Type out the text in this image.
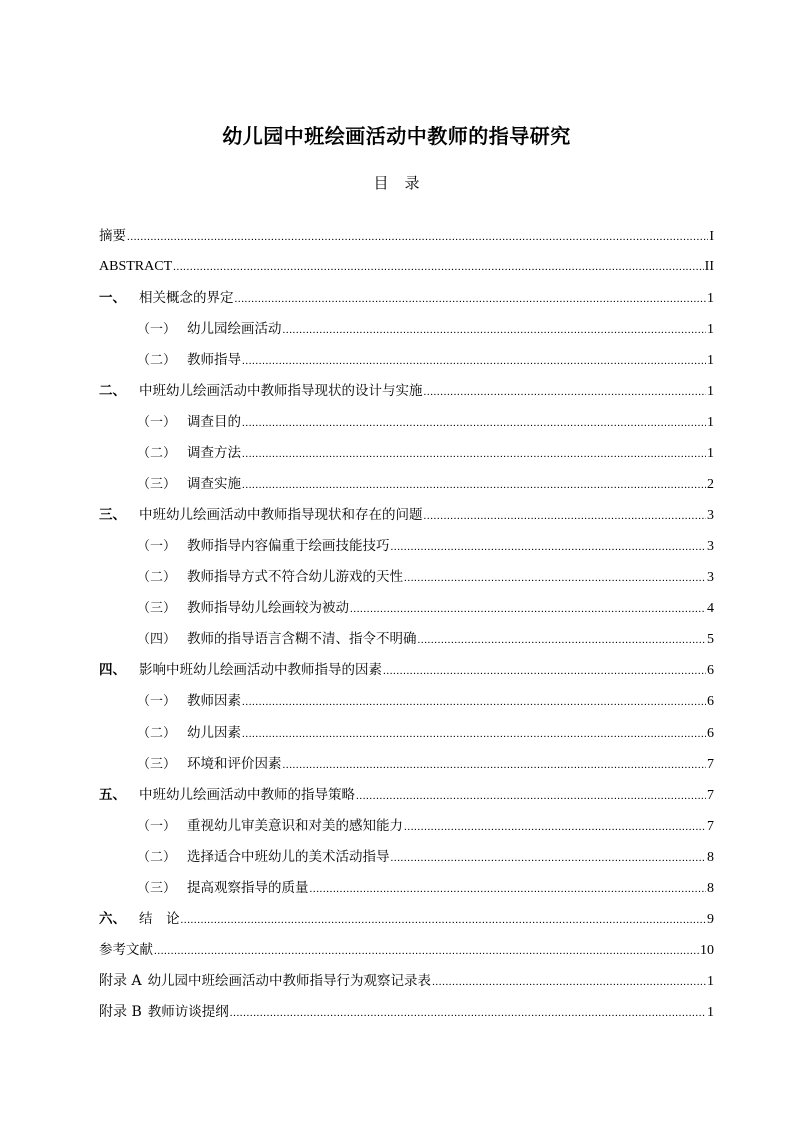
幼儿园中班绘画活动中教师的指导研究
目 录
摘要 .....	I
ABSTRACT .....	II
一、 相关概念的界定 .....	1
（一） 幼儿园绘画活动 .....	1
（二） 教师指导 .....	1
二、 中班幼儿绘画活动中教师指导现状的设计与实施 .....	1
（一） 调查目的 .....	1
（二） 调查方法 .....	1
（三） 调查实施 .....	2
三、 中班幼儿绘画活动中教师指导现状和存在的问题 .....	3
（一） 教师指导内容偏重于绘画技能技巧 .....	3
（二） 教师指导方式不符合幼儿游戏的天性 .....	3
（三） 教师指导幼儿绘画较为被动 .....	4
（四） 教师的指导语言含糊不清、指令不明确 .....	5
四、 影响中班幼儿绘画活动中教师指导的因素 .....	6
（一） 教师因素 .....	6
（二） 幼儿因素 .....	6
（三） 环境和评价因素 .....	7
五、 中班幼儿绘画活动中教师的指导策略 .....	7
（一） 重视幼儿审美意识和对美的感知能力 .....	7
（二） 选择适合中班幼儿的美术活动指导 .....	8
（三） 提高观察指导的质量 .....	8
六、 结　论 .....	9
参考文献 .....	10
附录 A 幼儿园中班绘画活动中教师指导行为观察记录表 .....	1
附录 B 教师访谈提纲 .....	1
